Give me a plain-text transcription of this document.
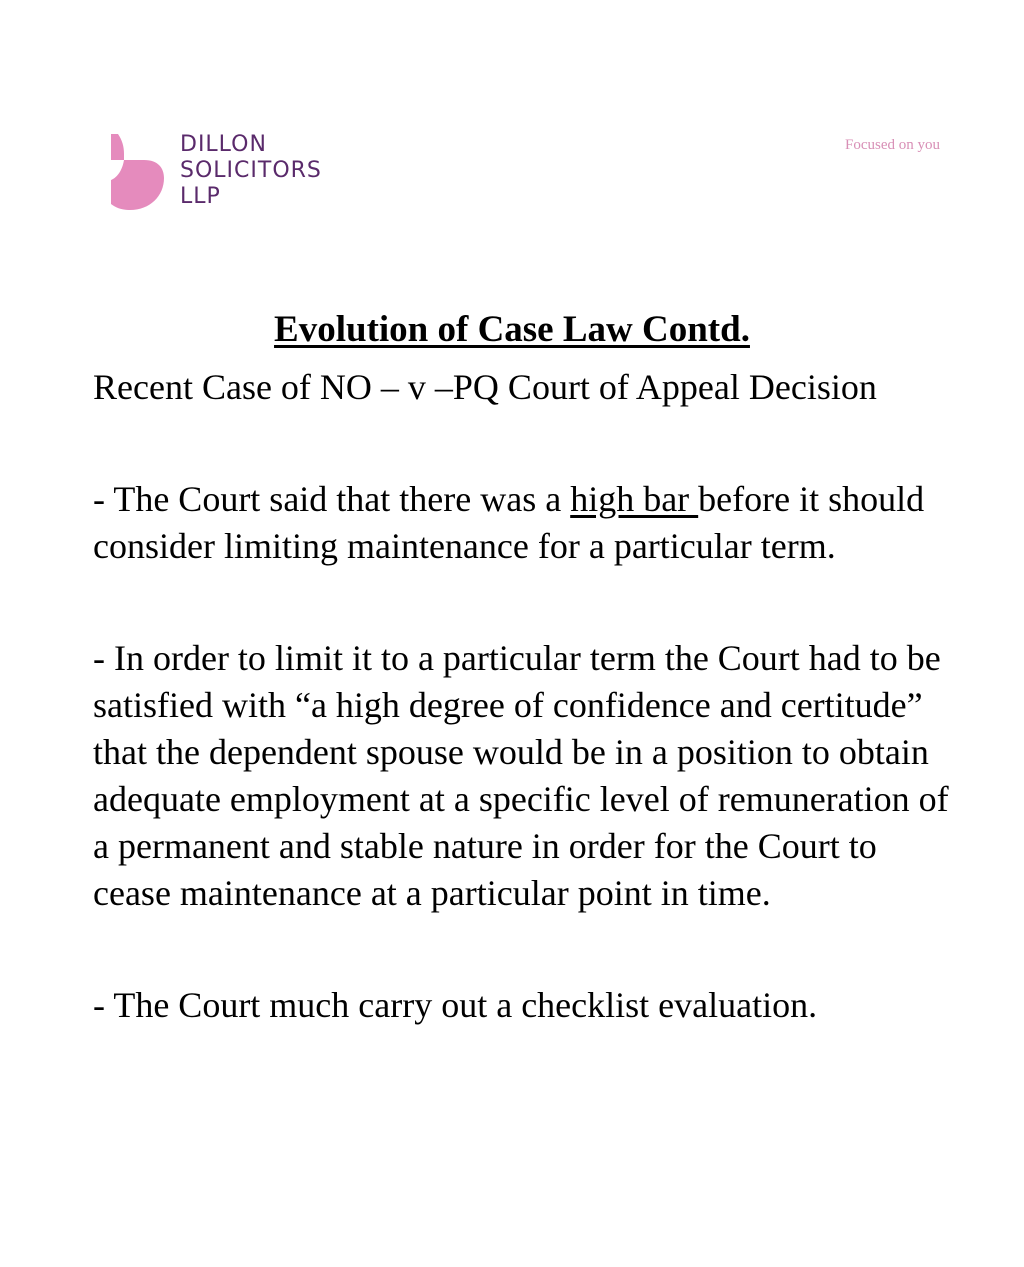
DILLON
SOLICITORS
LLP
Focused on you
Evolution of Case Law Contd.

Recent Case of NO – v –PQ Court of Appeal Decision

- The Court said that there was a high bar before it should consider limiting maintenance for a particular term.

- In order to limit it to a particular term the Court had to be satisfied with “a high degree of confidence and certitude” that the dependent spouse would be in a position to obtain adequate employment at a specific level of remuneration of a permanent and stable nature in order for the Court to cease maintenance at a particular point in time.

- The Court much carry out a checklist evaluation.
